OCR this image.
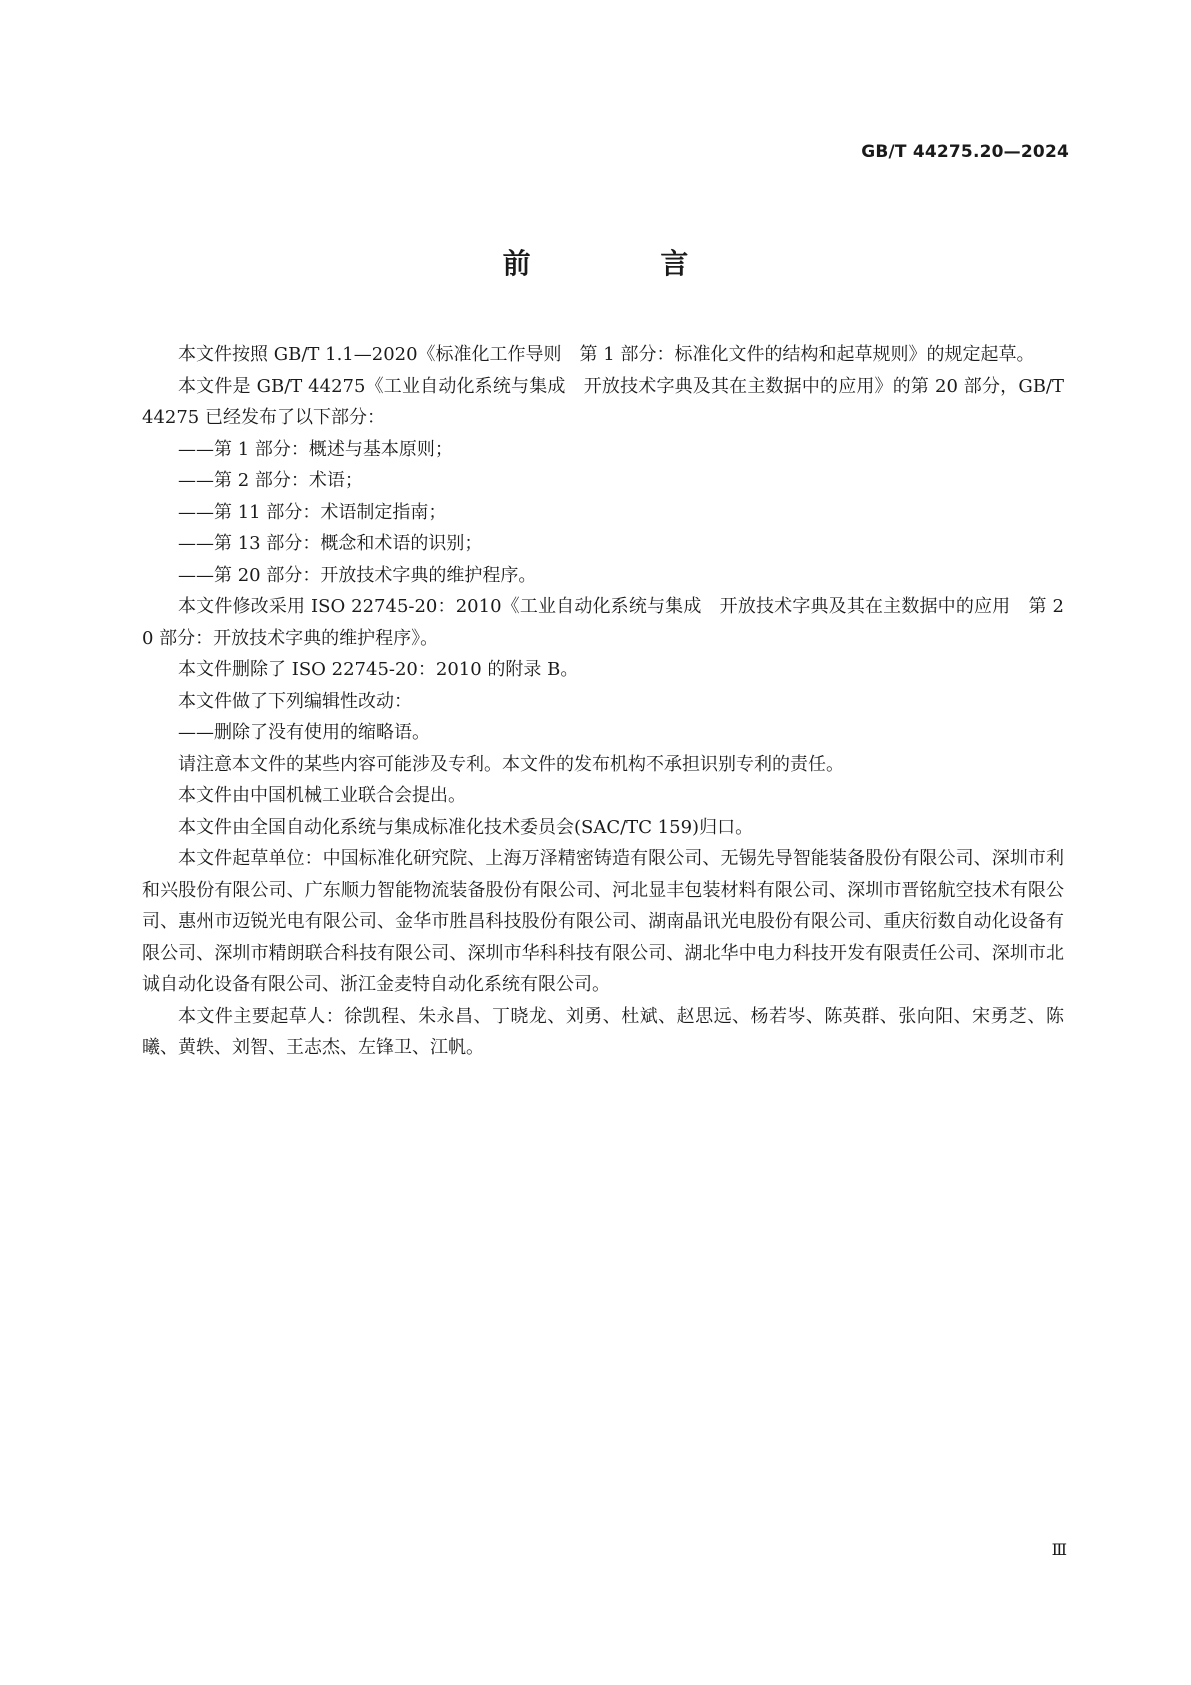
GB/T 44275.20—2024
前 言

本文件按照 GB/T 1.1—2020《标准化工作导则　第 1 部分：标准化文件的结构和起草规则》的规定起草。

本文件是 GB/T 44275《工业自动化系统与集成　开放技术字典及其在主数据中的应用》的第 20 部分，GB/T 44275 已经发布了以下部分：

——第 1 部分：概述与基本原则；

——第 2 部分：术语；

——第 11 部分：术语制定指南；

——第 13 部分：概念和术语的识别；

——第 20 部分：开放技术字典的维护程序。

本文件修改采用 ISO 22745-20：2010《工业自动化系统与集成　开放技术字典及其在主数据中的应用　第 20 部分：开放技术字典的维护程序》。

本文件删除了 ISO 22745-20：2010 的附录 B。

本文件做了下列编辑性改动：

——删除了没有使用的缩略语。

请注意本文件的某些内容可能涉及专利。本文件的发布机构不承担识别专利的责任。

本文件由中国机械工业联合会提出。

本文件由全国自动化系统与集成标准化技术委员会(SAC/TC 159)归口。

本文件起草单位：中国标准化研究院、上海万泽精密铸造有限公司、无锡先导智能装备股份有限公司、深圳市利和兴股份有限公司、广东顺力智能物流装备股份有限公司、河北显丰包装材料有限公司、深圳市晋铭航空技术有限公司、惠州市迈锐光电有限公司、金华市胜昌科技股份有限公司、湖南晶讯光电股份有限公司、重庆衍数自动化设备有限公司、深圳市精朗联合科技有限公司、深圳市华科科技有限公司、湖北华中电力科技开发有限责任公司、深圳市北诚自动化设备有限公司、浙江金麦特自动化系统有限公司。

本文件主要起草人：徐凯程、朱永昌、丁晓龙、刘勇、杜斌、赵思远、杨若岑、陈英群、张向阳、宋勇芝、陈曦、黄轶、刘智、王志杰、左锋卫、江帆。

Ⅲ
